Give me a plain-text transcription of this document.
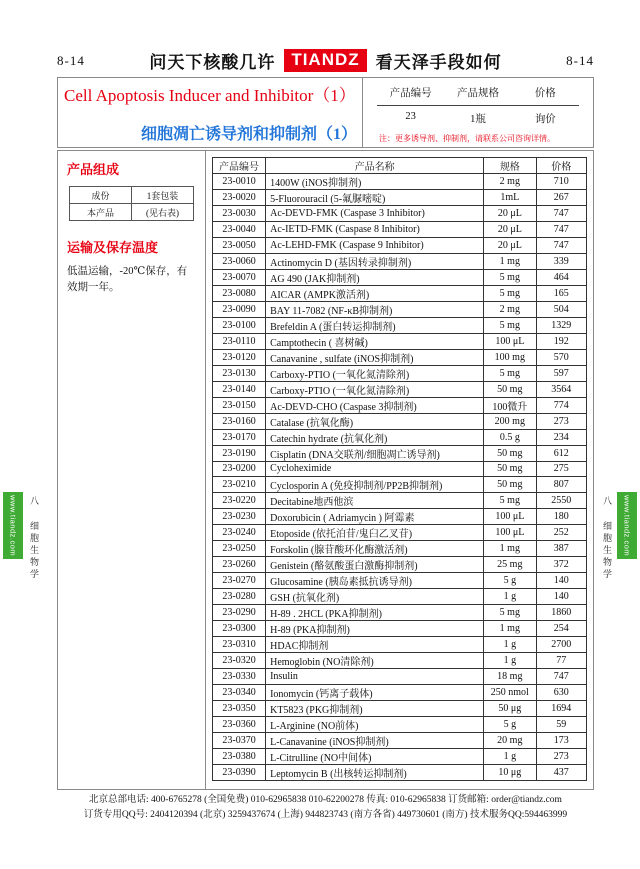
8-14	问天下核酸几许 TIANDZ 看天泽手段如何	8-14
Cell Apoptosis Inducer and Inhibitor（1）
细胞凋亡诱导剂和抑制剂（1）
产品编号	产品规格	价格
23	1瓶	询价
注：更多诱导剂、抑制剂，请联系公司咨询详情。
产品组成
成份	1套包装
本产品	(见右表)
运输及保存温度
低温运输，-20℃保存，有效期一年。
产品编号	产品名称	规格	价格
23-0010	1400W (iNOS抑制剂)	2 mg	710
23-0020	5-Fluorouracil (5-氟脲嘧啶)	1mL	267
23-0030	Ac-DEVD-FMK (Caspase 3 Inhibitor)	20 μL	747
23-0040	Ac-IETD-FMK (Caspase 8 Inhibitor)	20 μL	747
23-0050	Ac-LEHD-FMK (Caspase 9 Inhibitor)	20 μL	747
23-0060	Actinomycin D (基因转录抑制剂)	1 mg	339
23-0070	AG 490 (JAK抑制剂)	5 mg	464
23-0080	AICAR (AMPK激活剂)	5 mg	165
23-0090	BAY 11-7082 (NF-κB抑制剂)	2 mg	504
23-0100	Brefeldin A (蛋白转运抑制剂)	5 mg	1329
23-0110	Camptothecin ( 喜树碱)	100 μL	192
23-0120	Canavanine , sulfate (iNOS抑制剂)	100 mg	570
23-0130	Carboxy-PTIO (一氧化氮清除剂)	5 mg	597
23-0140	Carboxy-PTIO (一氧化氮清除剂)	50 mg	3564
23-0150	Ac-DEVD-CHO (Caspase 3抑制剂)	100微升	774
23-0160	Catalase (抗氧化酶)	200 mg	273
23-0170	Catechin hydrate (抗氧化剂)	0.5 g	234
23-0190	Cisplatin (DNA交联剂/细胞凋亡诱导剂)	50 mg	612
23-0200	Cycloheximide	50 mg	275
23-0210	Cyclosporin A (免疫抑制剂/PP2B抑制剂)	50 mg	807
23-0220	Decitabine地西他滨	5 mg	2550
23-0230	Doxorubicin ( Adriamycin ) 阿霉素	100 μL	180
23-0240	Etoposide (依托泊苷/鬼臼乙叉苷)	100 μL	252
23-0250	Forskolin (腺苷酸环化酶激活剂)	1 mg	387
23-0260	Genistein (酪氨酸蛋白激酶抑制剂)	25 mg	372
23-0270	Glucosamine (胰岛素抵抗诱导剂)	5 g	140
23-0280	GSH (抗氧化剂)	1 g	140
23-0290	H-89 . 2HCL (PKA抑制剂)	5 mg	1860
23-0300	H-89 (PKA抑制剂)	1 mg	254
23-0310	HDAC抑制剂	1 g	2700
23-0320	Hemoglobin (NO清除剂)	1 g	77
23-0330	Insulin	18 mg	747
23-0340	Ionomycin (钙离子载体)	250 nmol	630
23-0350	KT5823 (PKG抑制剂)	50 μg	1694
23-0360	L-Arginine (NO前体)	5 g	59
23-0370	L-Canavanine (iNOS抑制剂)	20 mg	173
23-0380	L-Citrulline (NO中间体)	1 g	273
23-0390	Leptomycin B (出核转运抑制剂)	10 μg	437
北京总部电话: 400-6765278 (全国免费) 010-62965838 010-62200278 传真: 010-62965838 订货邮箱: order@tiandz.com
订货专用QQ号: 2404120394 (北京) 3259437674 (上海) 944823743 (南方各省) 449730601 (南方) 技术服务QQ:594463999
www.tiandz.com 八 细胞生物学	www.tiandz.com
八 细胞生物学
